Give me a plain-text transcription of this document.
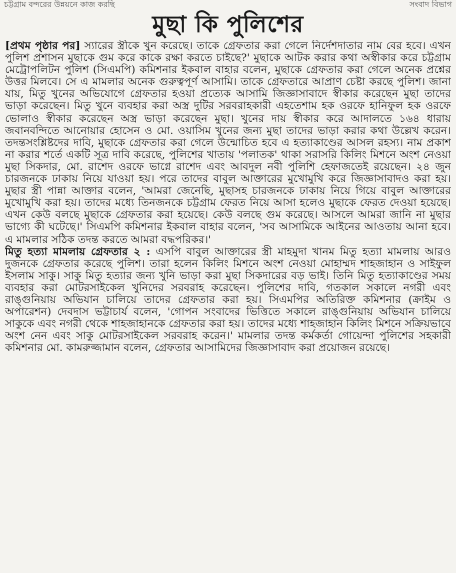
চট্টগ্রাম বন্দরের উন্নয়নে কাজ করছি	সংবাদ বিভাগ
মুছা কি পুলিশের

[প্রথম পৃষ্ঠার পর] স্যারের স্ত্রীকে খুন করেছে। তাকে গ্রেফতার করা গেলে নির্দেশদাতার নাম বের হবে। এখন পুলিশ প্রশাসন মুছাকে গুম করে কাকে রক্ষা করতে চাইছে?' মুছাকে আটক করার কথা অস্বীকার করে চট্টগ্রাম মেট্রোপলিটন পুলিশ (সিএমপি) কমিশনার ইকবাল বাহার বলেন, মুছাকে গ্রেফতার করা গেলে অনেক প্রশ্নের উত্তর মিলবে। সে এ মামলার অনেক গুরুত্বপূর্ণ আসামি। তাকে গ্রেফতারে আপ্রাণ চেষ্টা করছে পুলিশ। জানা যায়, মিতু খুনের অভিযোগে গ্রেফতার হওয়া প্রত্যেক আসামি জিজ্ঞাসাবাদে স্বীকার করেছেন মুছা তাদের ভাড়া করেছেন। মিতু খুনে ব্যবহার করা অস্ত্র দুটির সরবরাহকারী এহতেশাম হক ওরফে হানিফুল হক ওরফে ভোলাও স্বীকার করেছেন অস্ত্র ভাড়া করেছেন মুছা। খুনের দায় স্বীকার করে আদালতে ১৬৪ ধারায় জবানবন্দিতে আনোয়ার হোসেন ও মো. ওয়াসিম খুনের জন্য মুছা তাদের ভাড়া করার কথা উল্লেখ করেন। তদন্তসংশ্লিষ্টদের দাবি, মুছাকে গ্রেফতার করা গেলে উন্মোচিত হবে এ হত্যাকাণ্ডের আসল রহস্য। নাম প্রকাশ না করার শর্তে একটি সূত্র দাবি করেছে, পুলিশের খাতায় 'পলাতক' থাকা সরাসরি কিলিং মিশনে অংশ নেওয়া মুছা সিকদার, মো. রাশেদ ওরফে ভাগ্নে রাশেদ এবং আবদুল নবী পুলিশি হেফাজতেই রয়েছেন। ২৪ জুন চারজনকে ঢাকায় নিয়ে যাওয়া হয়। পরে তাদের বাবুল আক্তারের মুখোমুখি করে জিজ্ঞাসাবাদও করা হয়। মুছার স্ত্রী পান্না আক্তার বলেন, 'আমরা জেনেছি, মুছাসহ চারজনকে ঢাকায় নিয়ে গিয়ে বাবুল আক্তারের মুখোমুখি করা হয়। তাদের মধ্যে তিনজনকে চট্টগ্রাম ফেরত নিয়ে আসা হলেও মুছাকে ফেরত দেওয়া হয়েছে। এখন কেউ বলছে মুছাকে গ্রেফতার করা হয়েছে। কেউ বলছে গুম করেছে। আসলে আমরা জানি না মুছার ভাগ্যে কী ঘটেছে।' সিএমপি কমিশনার ইকবাল বাহার বলেন, 'সব আসামিকে আইনের আওতায় আনা হবে। এ মামলার সঠিক তদন্ত করতে আমরা বদ্ধপরিকর।'

মিতু হত্যা মামলায় গ্রেফতার ২ : এসপি বাবুল আক্তারের স্ত্রী মাহমুদা খানম মিতু হত্যা মামলায় আরও দুজনকে গ্রেফতার করেছে পুলিশ। তারা হলেন কিলিং মিশনে অংশ নেওয়া মোহাম্মদ শাহজাহান ও সাইফুল ইসলাম সাকু। সাকু মিতু হত্যার জন্য খুনি ভাড়া করা মুছা সিকদারের বড় ভাই। তিনি মিতু হত্যাকাণ্ডের সময় ব্যবহার করা মোটরসাইকেল খুনিদের সরবরাহ করেছেন। পুলিশের দাবি, গতকাল সকালে নগরী এবং রাঙ্গুনিয়ায় অভিযান চালিয়ে তাদের গ্রেফতার করা হয়। সিএমপির অতিরিক্ত কমিশনার (ক্রাইম ও অপারেশন) দেবদাস ভট্টাচার্য বলেন, 'গোপন সংবাদের ভিত্তিতে সকালে রাঙ্গুনিয়ায় অভিযান চালিয়ে সাকুকে এবং নগরী থেকে শাহজাহানকে গ্রেফতার করা হয়। তাদের মধ্যে শাহজাহান কিলিং মিশনে সক্রিয়ভাবে অংশ নেন এবং সাকু মোটরসাইকেল সরবরাহ করেন।' মামলার তদন্ত কর্মকর্তা গোয়েন্দা পুলিশের সহকারী কমিশনার মো. কামরুজ্জামান বলেন, গ্রেফতার আসামিদের জিজ্ঞাসাবাদ করা প্রয়োজন রয়েছে।
